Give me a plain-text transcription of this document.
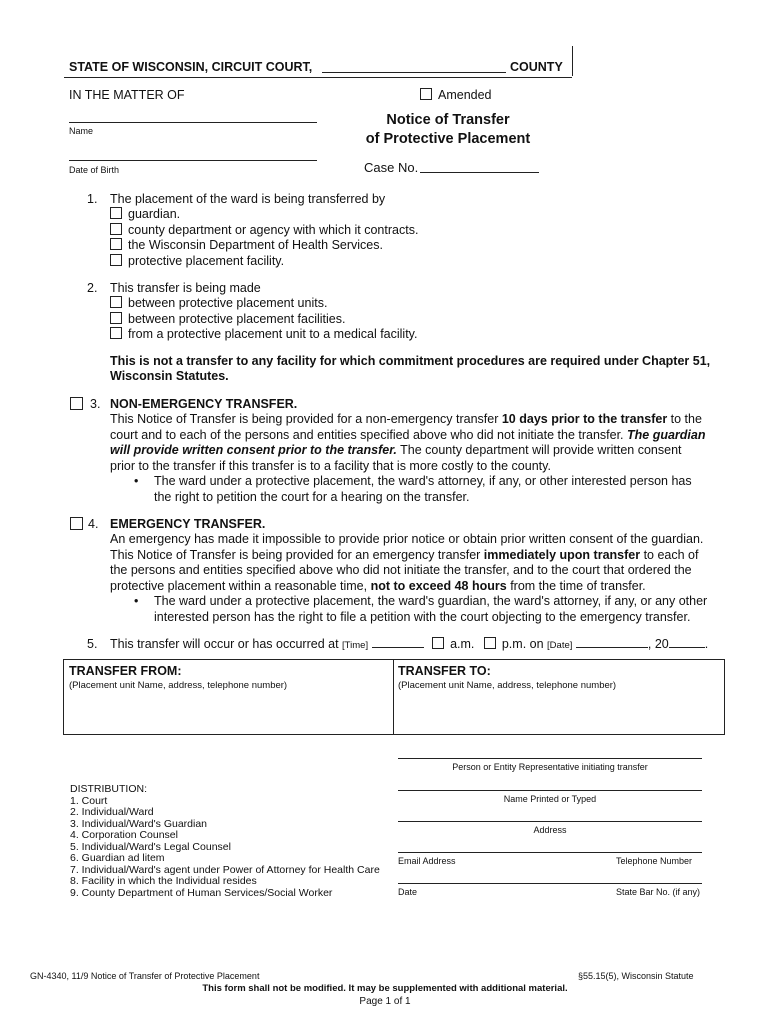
STATE OF WISCONSIN, CIRCUIT COURT,	COUNTY
IN THE MATTER OF	Amended
Name
Date of Birth
Notice of Transfer
of Protective Placement
Case No.
1. The placement of the ward is being transferred by
guardian.
county department or agency with which it contracts.
the Wisconsin Department of Health Services.
protective placement facility.
2. This transfer is being made
between protective placement units.
between protective placement facilities.
from a protective placement unit to a medical facility.
This is not a transfer to any facility for which commitment procedures are required under Chapter 51,
Wisconsin Statutes.
3. NON-EMERGENCY TRANSFER.
This Notice of Transfer is being provided for a non-emergency transfer 10 days prior to the transfer to the
court and to each of the persons and entities specified above who did not initiate the transfer. The guardian
will provide written consent prior to the transfer. The county department will provide written consent
prior to the transfer if this transfer is to a facility that is more costly to the county.
• The ward under a protective placement, the ward's attorney, if any, or other interested person has
the right to petition the court for a hearing on the transfer.
4. EMERGENCY TRANSFER.
An emergency has made it impossible to provide prior notice or obtain prior written consent of the guardian.
This Notice of Transfer is being provided for an emergency transfer immediately upon transfer to each of
the persons and entities specified above who did not initiate the transfer, and to the court that ordered the
protective placement within a reasonable time, not to exceed 48 hours from the time of transfer.
• The ward under a protective placement, the ward's guardian, the ward's attorney, if any, or any other
interested person has the right to file a petition with the court objecting to the emergency transfer.
5. This transfer will occur or has occurred at [Time]	a.m. p.m. on [Date]	, 20	.
TRANSFER FROM:
(Placement unit Name, address, telephone number)
TRANSFER TO:
(Placement unit Name, address, telephone number)
DISTRIBUTION:
1. Court
2. Individual/Ward
3. Individual/Ward's Guardian
4. Corporation Counsel
5. Individual/Ward's Legal Counsel
6. Guardian ad litem
7. Individual/Ward's agent under Power of Attorney for Health Care
8. Facility in which the Individual resides
9. County Department of Human Services/Social Worker
Person or Entity Representative initiating transfer
Name Printed or Typed
Address
Email Address	Telephone Number
Date	State Bar No. (if any)
GN-4340, 11/9 Notice of Transfer of Protective Placement	§55.15(5), Wisconsin Statute
This form shall not be modified. It may be supplemented with additional material.
Page 1 of 1
